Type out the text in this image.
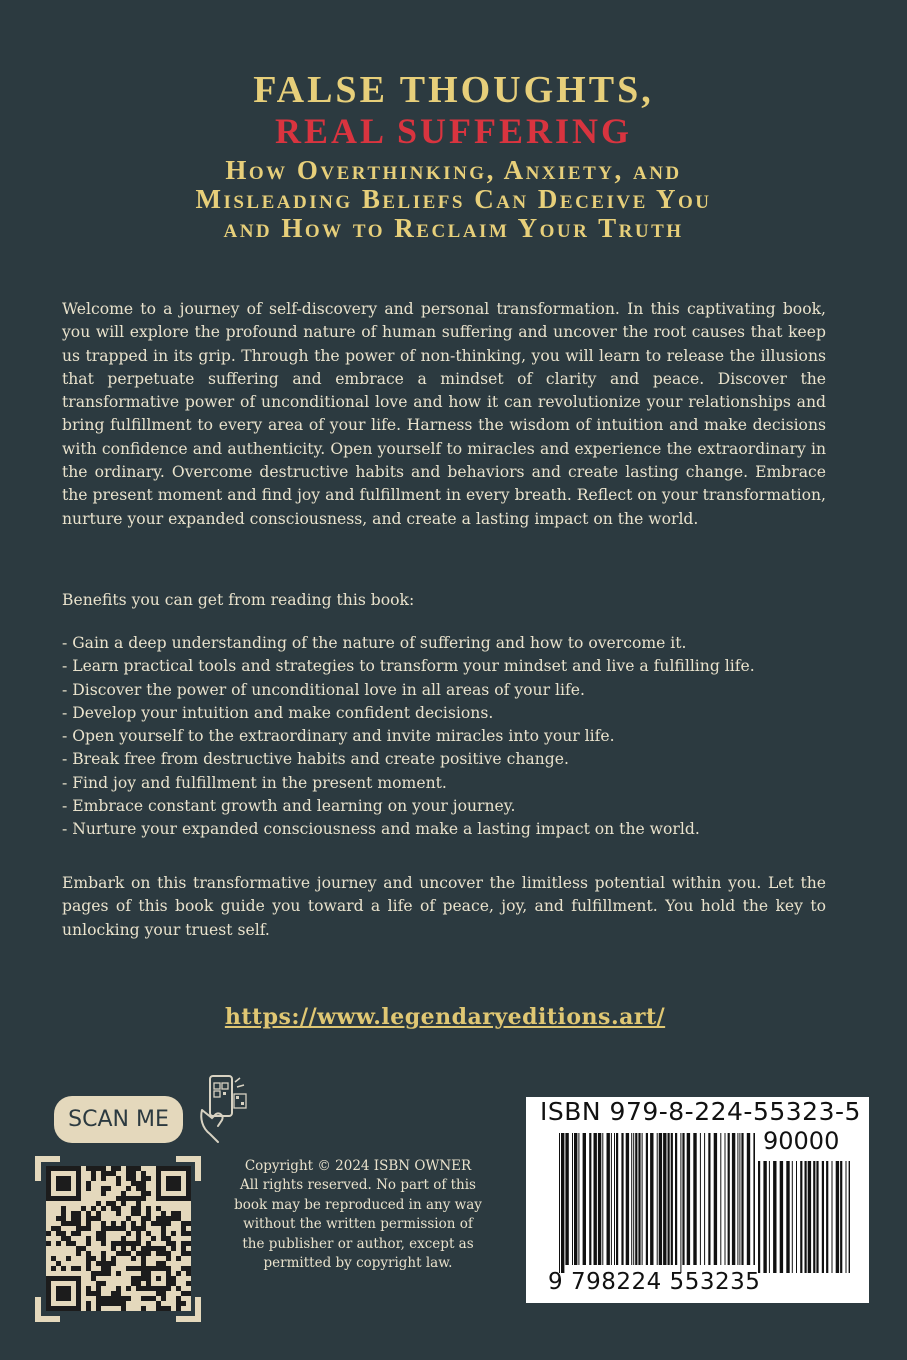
FALSE THOUGHTS,
REAL SUFFERING
How Overthinking, Anxiety, and
Misleading Beliefs Can Deceive You
and How to Reclaim Your Truth
Welcome to a journey of self-discovery and personal transformation. In this captivating book, you will explore the profound nature of human suffering and uncover the root causes that keep us trapped in its grip. Through the power of non-thinking, you will learn to release the illusions that perpetuate suffering and embrace a mindset of clarity and peace. Discover the transformative power of unconditional love and how it can revolutionize your relationships and bring fulfillment to every area of your life. Harness the wisdom of intuition and make decisions with confidence and authenticity. Open yourself to miracles and experience the extraordinary in the ordinary. Overcome destructive habits and behaviors and create lasting change. Embrace the present moment and find joy and fulfillment in every breath. Reflect on your transformation, nurture your expanded consciousness, and create a lasting impact on the world.
Benefits you can get from reading this book:
- Gain a deep understanding of the nature of suffering and how to overcome it.
- Learn practical tools and strategies to transform your mindset and live a fulfilling life.
- Discover the power of unconditional love in all areas of your life.
- Develop your intuition and make confident decisions.
- Open yourself to the extraordinary and invite miracles into your life.
- Break free from destructive habits and create positive change.
- Find joy and fulfillment in the present moment.
- Embrace constant growth and learning on your journey.
- Nurture your expanded consciousness and make a lasting impact on the world.
Embark on this transformative journey and uncover the limitless potential within you. Let the pages of this book guide you toward a life of peace, joy, and fulfillment. You hold the key to unlocking your truest self.
https://www.legendaryeditions.art/
SCAN ME
Copyright © 2024 ISBN OWNER All rights reserved. No part of this book may be reproduced in any way without the written permission of the publisher or author, except as permitted by copyright law.
ISBN 979-8-224-55323-5
90000
9 798224 553235
